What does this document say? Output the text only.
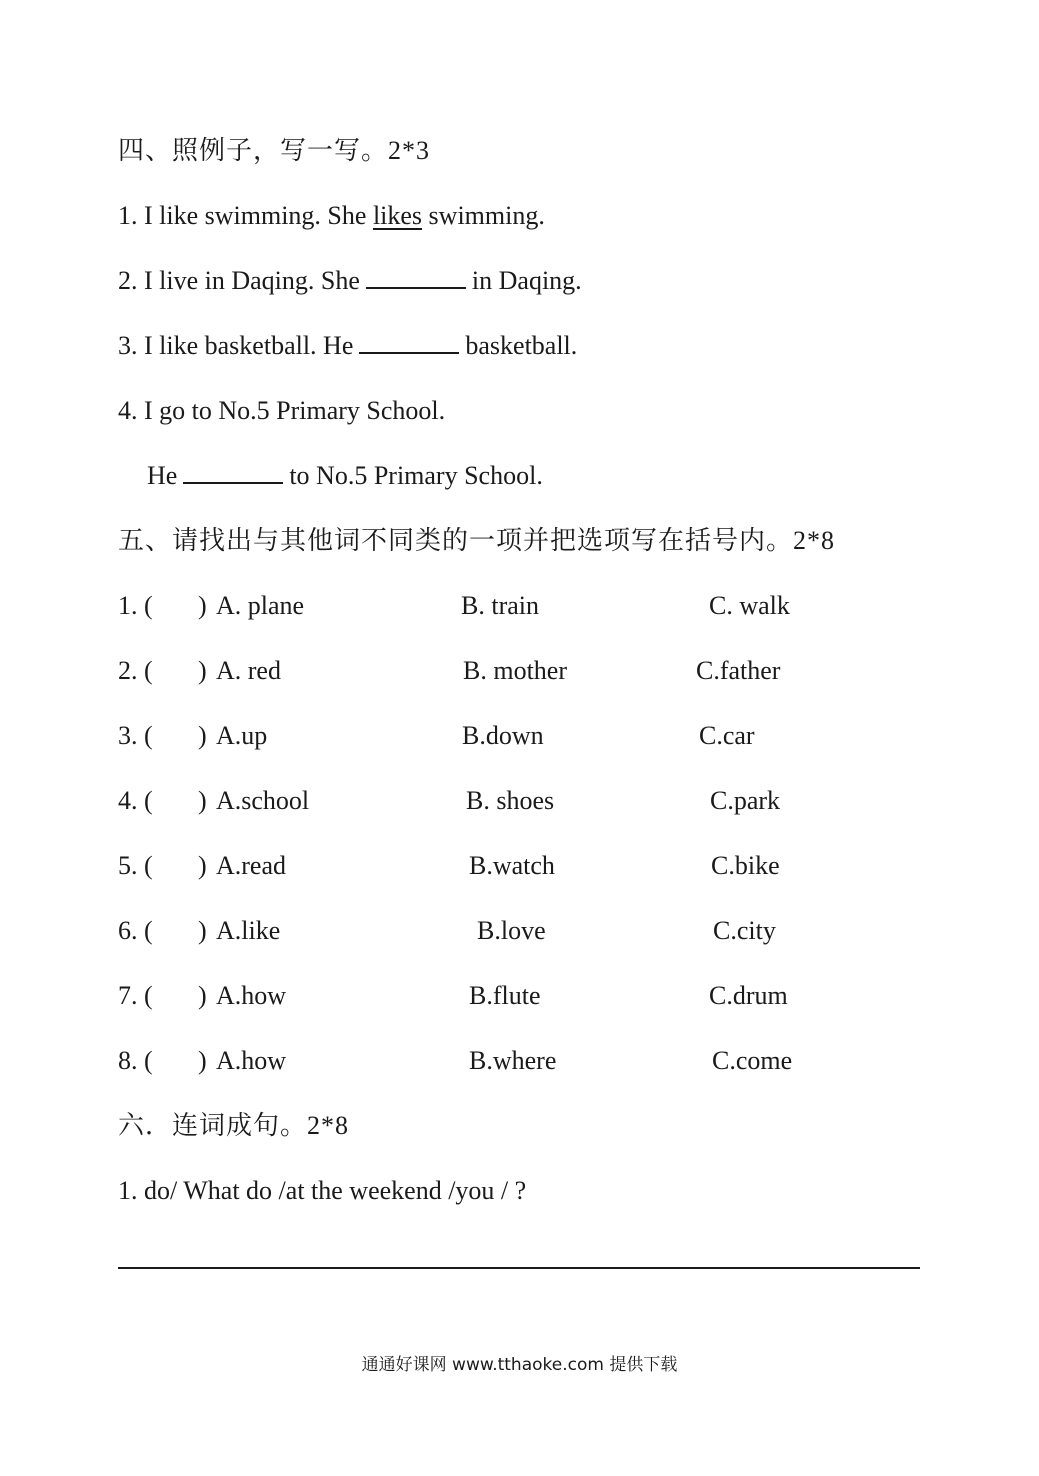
四、照例子，写一写。2*3
1. I like swimming. She likes swimming.
2. I live in Daqing. She	in Daqing.
3. I like basketball. He	basketball.
4. I go to No.5 Primary School.
He	to No.5 Primary School.
五、请找出与其他词不同类的一项并把选项写在括号内。2*8
1. ( ) A. plane	B. train	C. walk
2. ( ) A. red	B. mother	C.father
3. ( ) A.up	B.down	C.car
4. ( ) A.school	B. shoes	C.park
5. ( ) A.read	B.watch	C.bike
6. ( ) A.like	B.love	C.city
7. ( ) A.how	B.flute	C.drum
8. ( ) A.how	B.where	C.come
六．连词成句。2*8
1. do/ What do /at the weekend /you / ?
通通好课网 www.tthaoke.com 提供下载
